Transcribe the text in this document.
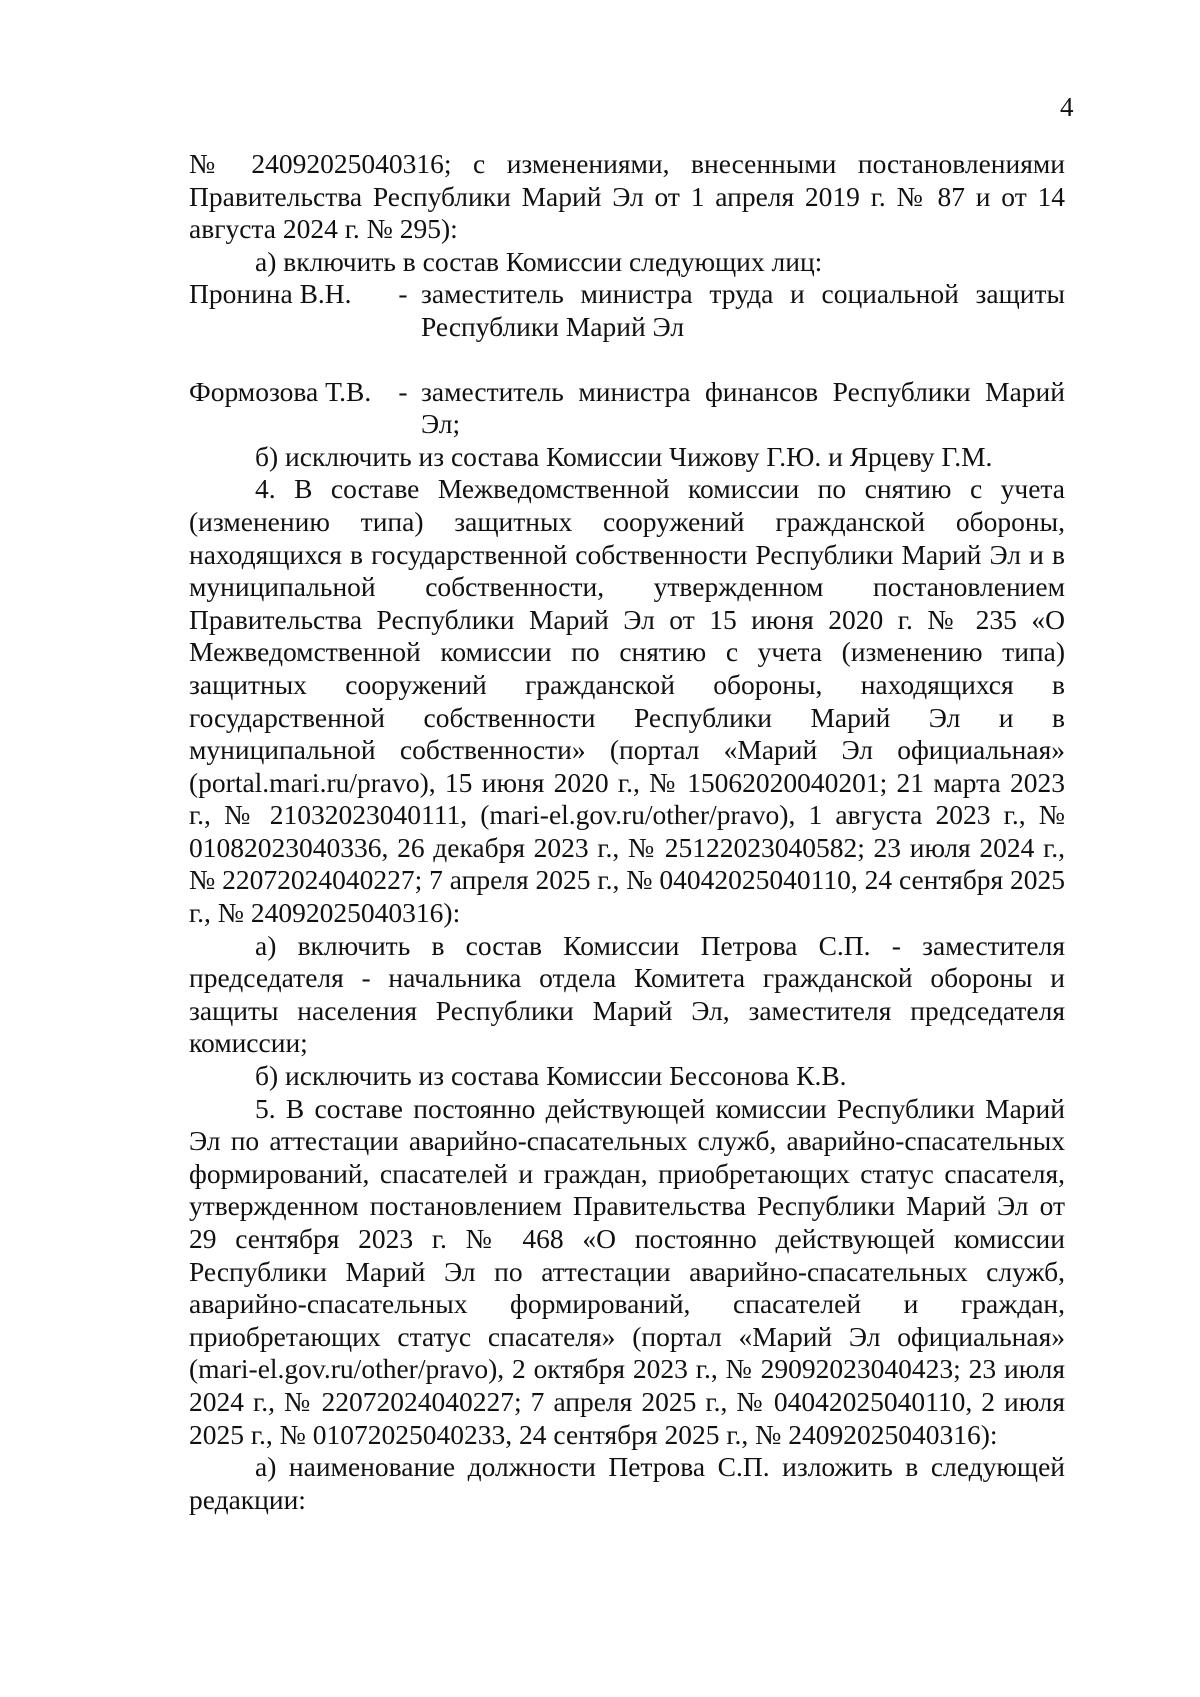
4

№ 24092025040316; с изменениями, внесенными постановлениями Правительства Республики Марий Эл от 1 апреля 2019 г. № 87 и от 14 августа 2024 г. № 295):

а) включить в состав Комиссии следующих лиц:

Пронина В.Н.	- заместитель министра труда и социальной защиты Республики Марий Эл
Формозова Т.В. - заместитель министра финансов Республики Марий Эл;

б) исключить из состава Комиссии Чижову Г.Ю. и Ярцеву Г.М.

4. В составе Межведомственной комиссии по снятию с учета (изменению типа) защитных сооружений гражданской обороны, находящихся в государственной собственности Республики Марий Эл и в муниципальной собственности, утвержденном постановлением Правительства Республики Марий Эл от 15 июня 2020 г. № 235 «О Межведомственной комиссии по снятию с учета (изменению типа) защитных сооружений гражданской обороны, находящихся в государственной собственности Республики Марий Эл и в муниципальной собственности» (портал «Марий Эл официальная» (portal.mari.ru/pravo), 15 июня 2020 г., № 15062020040201; 21 марта 2023 г., № 21032023040111, (mari-el.gov.ru/other/pravo), 1 августа 2023 г., № 01082023040336, 26 декабря 2023 г., № 25122023040582; 23 июля 2024 г., № 22072024040227; 7 апреля 2025 г., № 04042025040110, 24 сентября 2025 г., № 24092025040316):

а) включить в состав Комиссии Петрова С.П. - заместителя председателя - начальника отдела Комитета гражданской обороны и защиты населения Республики Марий Эл, заместителя председателя комиссии;

б) исключить из состава Комиссии Бессонова К.В.

5. В составе постоянно действующей комиссии Республики Марий Эл по аттестации аварийно-спасательных служб, аварийно-спасательных формирований, спасателей и граждан, приобретающих статус спасателя, утвержденном постановлением Правительства Республики Марий Эл от 29 сентября 2023 г. № 468 «О постоянно действующей комиссии Республики Марий Эл по аттестации аварийно-спасательных служб, аварийно-спасательных формирований, спасателей и граждан, приобретающих статус спасателя» (портал «Марий Эл официальная» (mari-el.gov.ru/other/pravo), 2 октября 2023 г., № 29092023040423; 23 июля 2024 г., № 22072024040227; 7 апреля 2025 г., № 04042025040110, 2 июля 2025 г., № 01072025040233, 24 сентября 2025 г., № 24092025040316):

а) наименование должности Петрова С.П. изложить в следующей редакции:
